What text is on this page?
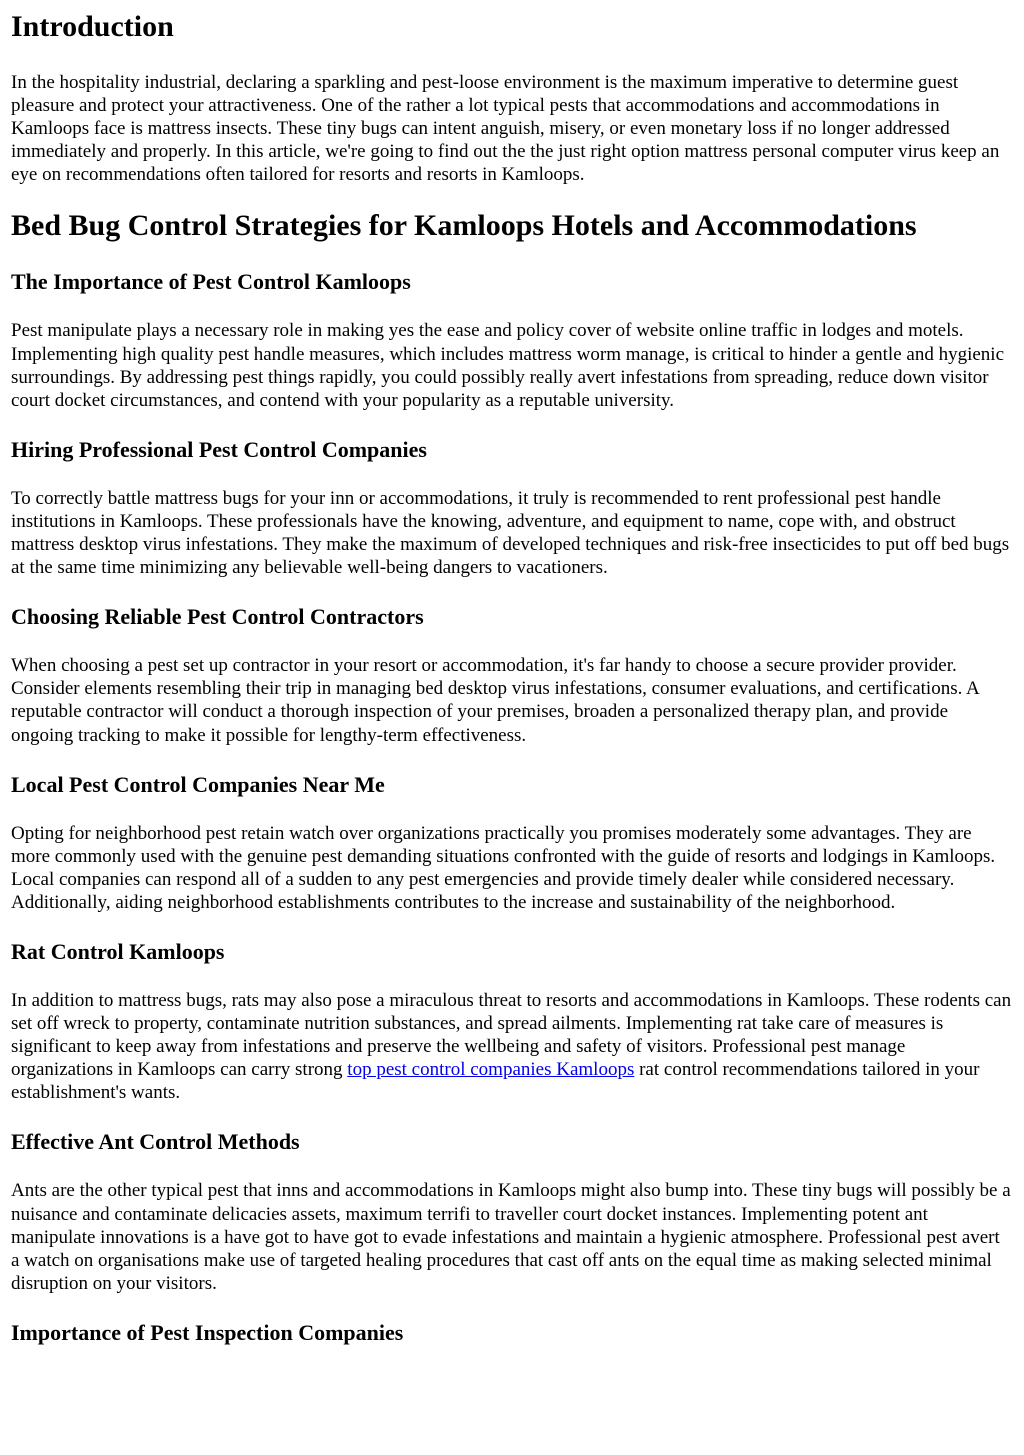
Introduction

In the hospitality industrial, declaring a sparkling and pest-loose environment is the maximum imperative to determine guest pleasure and protect your attractiveness. One of the rather a lot typical pests that accommodations and accommodations in Kamloops face is mattress insects. These tiny bugs can intent anguish, misery, or even monetary loss if no longer addressed immediately and properly. In this article, we're going to find out the the just right option mattress personal computer virus keep an eye on recommendations often tailored for resorts and resorts in Kamloops.

Bed Bug Control Strategies for Kamloops Hotels and Accommodations
The Importance of Pest Control Kamloops

Pest manipulate plays a necessary role in making yes the ease and policy cover of website online traffic in lodges and motels. Implementing high quality pest handle measures, which includes mattress worm manage, is critical to hinder a gentle and hygienic surroundings. By addressing pest things rapidly, you could possibly really avert infestations from spreading, reduce down visitor court docket circumstances, and contend with your popularity as a reputable university.

Hiring Professional Pest Control Companies

To correctly battle mattress bugs for your inn or accommodations, it truly is recommended to rent professional pest handle institutions in Kamloops. These professionals have the knowing, adventure, and equipment to name, cope with, and obstruct mattress desktop virus infestations. They make the maximum of developed techniques and risk-free insecticides to put off bed bugs at the same time minimizing any believable well-being dangers to vacationers.

Choosing Reliable Pest Control Contractors

When choosing a pest set up contractor in your resort or accommodation, it's far handy to choose a secure provider provider. Consider elements resembling their trip in managing bed desktop virus infestations, consumer evaluations, and certifications. A reputable contractor will conduct a thorough inspection of your premises, broaden a personalized therapy plan, and provide ongoing tracking to make it possible for lengthy-term effectiveness.

Local Pest Control Companies Near Me

Opting for neighborhood pest retain watch over organizations practically you promises moderately some advantages. They are more commonly used with the genuine pest demanding situations confronted with the guide of resorts and lodgings in Kamloops. Local companies can respond all of a sudden to any pest emergencies and provide timely dealer while considered necessary. Additionally, aiding neighborhood establishments contributes to the increase and sustainability of the neighborhood.

Rat Control Kamloops

In addition to mattress bugs, rats may also pose a miraculous threat to resorts and accommodations in Kamloops. These rodents can set off wreck to property, contaminate nutrition substances, and spread ailments. Implementing rat take care of measures is significant to keep away from infestations and preserve the wellbeing and safety of visitors. Professional pest manage organizations in Kamloops can carry strong top pest control companies Kamloops rat control recommendations tailored in your establishment's wants.

Effective Ant Control Methods

Ants are the other typical pest that inns and accommodations in Kamloops might also bump into. These tiny bugs will possibly be a nuisance and contaminate delicacies assets, maximum terrifi to traveller court docket instances. Implementing potent ant manipulate innovations is a have got to have got to evade infestations and maintain a hygienic atmosphere. Professional pest avert a watch on organisations make use of targeted healing procedures that cast off ants on the equal time as making selected minimal disruption on your visitors.

Importance of Pest Inspection Companies
